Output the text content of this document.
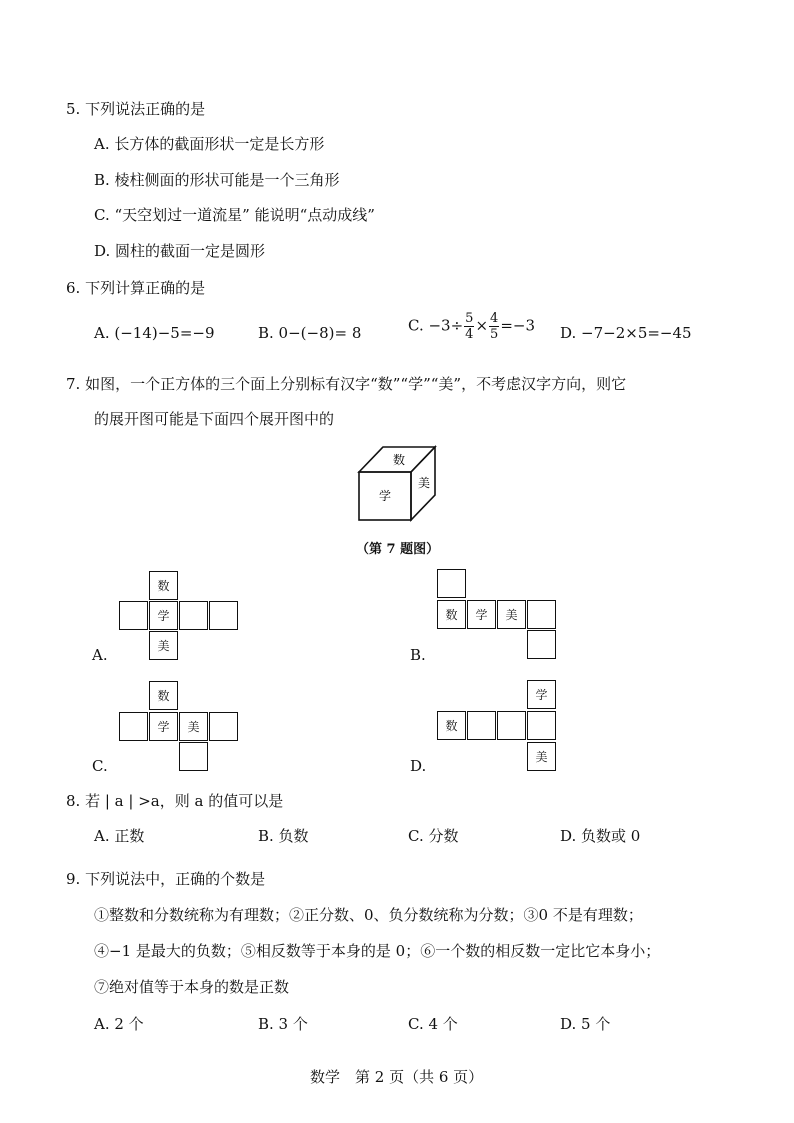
5. 下列说法正确的是
A. 长方体的截面形状一定是长方形
B. 棱柱侧面的形状可能是一个三角形
C. “天空划过一道流星” 能说明“点动成线”
D. 圆柱的截面一定是圆形
6. 下列计算正确的是
A. (−14)−5=−9	B. 0−(−8)= 8	C. $-3\div \frac{5}{4} \times \frac{4}{5} =-3$ D. −7−2×5=−45
7. 如图，一个正方体的三个面上分别标有汉字“数”“学”“美”，不考虑汉字方向，则它
的展开图可能是下面四个展开图中的
数
学
美
（第 7 题图）
A.
数
学
美	B.
数	学	美
C.
数
学	美
D.
学
数
美
8. 若 | a | >a，则 a 的值可以是
A. 正数	B. 负数	C. 分数	D. 负数或 0
9. 下列说法中，正确的个数是
①整数和分数统称为有理数；②正分数、0、负分数统称为分数；③0 不是有理数；
④−1 是最大的负数；⑤相反数等于本身的是 0；⑥一个数的相反数一定比它本身小；
⑦绝对值等于本身的数是正数
A. 2 个	B. 3 个	C. 4 个	D. 5 个
数学　第 2 页（共 6 页）
